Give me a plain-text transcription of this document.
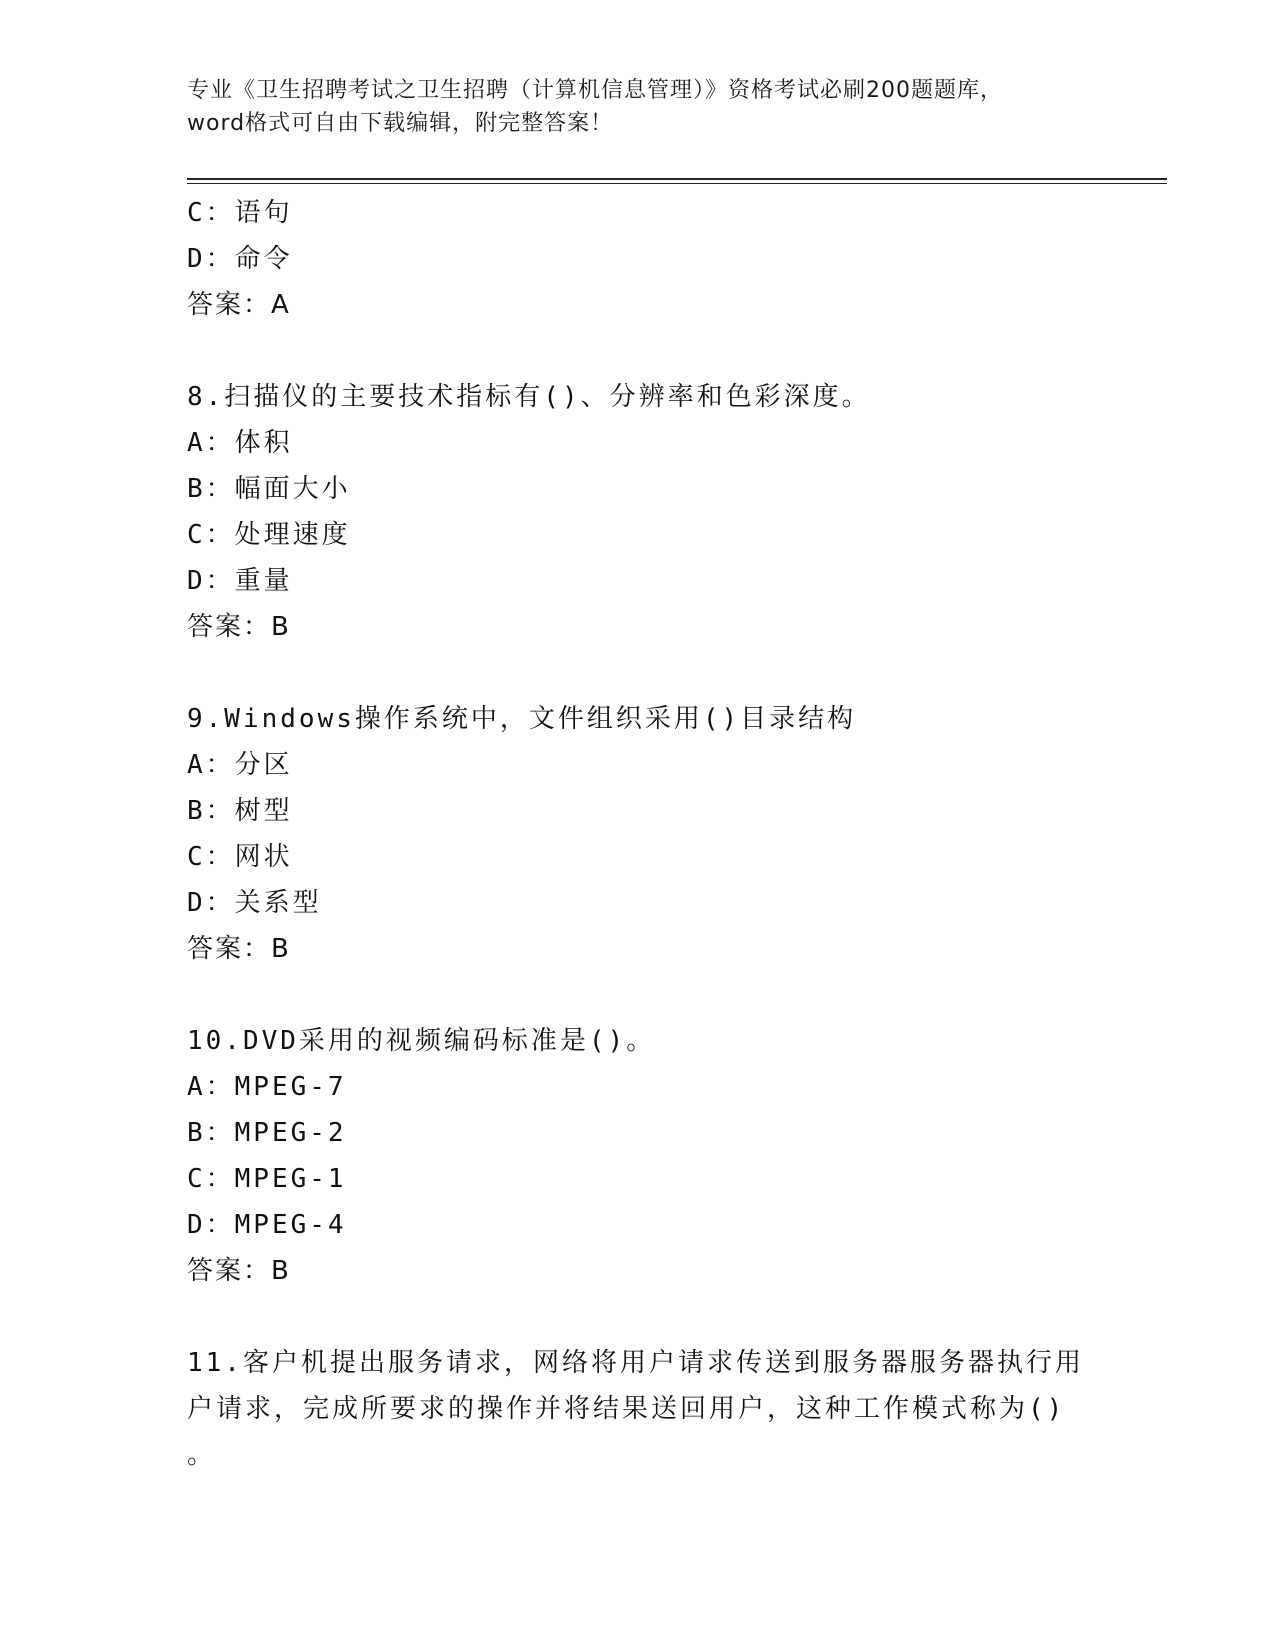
专业《卫生招聘考试之卫生招聘（计算机信息管理）》资格考试必刷200题题库，
word格式可自由下载编辑，附完整答案！
C：语句
D：命令
答案：A
8.扫描仪的主要技术指标有()、分辨率和色彩深度。
A：体积
B：幅面大小
C：处理速度
D：重量
答案：B
9.Windows操作系统中，文件组织采用()目录结构
A：分区
B：树型
C：网状
D：关系型
答案：B
10.DVD采用的视频编码标准是()。
A：MPEG-7
B：MPEG-2
C：MPEG-1
D：MPEG-4
答案：B
11.客户机提出服务请求，网络将用户请求传送到服务器服务器执行用
户请求，完成所要求的操作并将结果送回用户，这种工作模式称为()
。
